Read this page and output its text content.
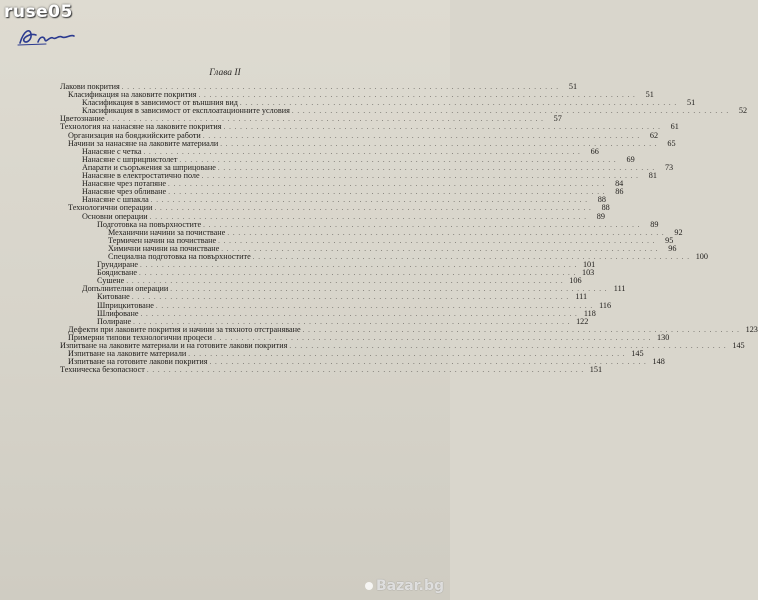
ruse05
Глава II
Лакови покрития . . . . . . . . . . . . . . . . . . . . . . . . . . . . . . . . . . . . . . . . . . . . . . . . . . . . . . . . . . . . . . . . . . . . . . . . . . . . . . . .	51
Класификация на лаковите покрития . . . . . . . . . . . . . . . . . . . . . . . . . . . . . . . . . . . . . . . . . . . . . . . . . . . . . . . . . . . . . . . . . . . . . . . . . . . . . . . .	51
Класификация в зависимост от външния вид . . . . . . . . . . . . . . . . . . . . . . . . . . . . . . . . . . . . . . . . . . . . . . . . . . . . . . . . . . . . . . . . . . . . . . . . . . . . . . . .	51
Класификация в зависимост от експлоатационните условия . . . . . . . . . . . . . . . . . . . . . . . . . . . . . . . . . . . . . . . . . . . . . . . . . . . . . . . . . . . . . . . . . . . . . . . . . . . . . . . .	52
Цветознание . . . . . . . . . . . . . . . . . . . . . . . . . . . . . . . . . . . . . . . . . . . . . . . . . . . . . . . . . . . . . . . . . . . . . . . . . . . . . . . .	57
Технология на нанасяне на лаковите покрития . . . . . . . . . . . . . . . . . . . . . . . . . . . . . . . . . . . . . . . . . . . . . . . . . . . . . . . . . . . . . . . . . . . . . . . . . . . . . . . .	61
Организация на бояджийските работи . . . . . . . . . . . . . . . . . . . . . . . . . . . . . . . . . . . . . . . . . . . . . . . . . . . . . . . . . . . . . . . . . . . . . . . . . . . . . . . .	62
Начини за нанасяне на лаковите материали . . . . . . . . . . . . . . . . . . . . . . . . . . . . . . . . . . . . . . . . . . . . . . . . . . . . . . . . . . . . . . . . . . . . . . . . . . . . . . . .	65
Нанасяне с четка . . . . . . . . . . . . . . . . . . . . . . . . . . . . . . . . . . . . . . . . . . . . . . . . . . . . . . . . . . . . . . . . . . . . . . . . . . . . . . . .	66
Нанасяне с шприцпистолет . . . . . . . . . . . . . . . . . . . . . . . . . . . . . . . . . . . . . . . . . . . . . . . . . . . . . . . . . . . . . . . . . . . . . . . . . . . . . . . .	69
Апарати и съоръжения за шприцоване . . . . . . . . . . . . . . . . . . . . . . . . . . . . . . . . . . . . . . . . . . . . . . . . . . . . . . . . . . . . . . . . . . . . . . . . . . . . . . . .	73
Нанасяне в електростатично поле . . . . . . . . . . . . . . . . . . . . . . . . . . . . . . . . . . . . . . . . . . . . . . . . . . . . . . . . . . . . . . . . . . . . . . . . . . . . . . . .	81
Нанасяне чрез потапяне . . . . . . . . . . . . . . . . . . . . . . . . . . . . . . . . . . . . . . . . . . . . . . . . . . . . . . . . . . . . . . . . . . . . . . . . . . . . . . . .	84
Нанасяне чрез обливане . . . . . . . . . . . . . . . . . . . . . . . . . . . . . . . . . . . . . . . . . . . . . . . . . . . . . . . . . . . . . . . . . . . . . . . . . . . . . . . .	86
Нанасяне с шпакла . . . . . . . . . . . . . . . . . . . . . . . . . . . . . . . . . . . . . . . . . . . . . . . . . . . . . . . . . . . . . . . . . . . . . . . . . . . . . . . .	88
Технологични операции . . . . . . . . . . . . . . . . . . . . . . . . . . . . . . . . . . . . . . . . . . . . . . . . . . . . . . . . . . . . . . . . . . . . . . . . . . . . . . . .	88
Основни операции . . . . . . . . . . . . . . . . . . . . . . . . . . . . . . . . . . . . . . . . . . . . . . . . . . . . . . . . . . . . . . . . . . . . . . . . . . . . . . . .	89
Подготовка на повърхностите . . . . . . . . . . . . . . . . . . . . . . . . . . . . . . . . . . . . . . . . . . . . . . . . . . . . . . . . . . . . . . . . . . . . . . . . . . . . . . . .	89
Механични начини за почистване . . . . . . . . . . . . . . . . . . . . . . . . . . . . . . . . . . . . . . . . . . . . . . . . . . . . . . . . . . . . . . . . . . . . . . . . . . . . . . . .	92
Термичен начин на почистване . . . . . . . . . . . . . . . . . . . . . . . . . . . . . . . . . . . . . . . . . . . . . . . . . . . . . . . . . . . . . . . . . . . . . . . . . . . . . . . .	95
Химични начини на почистване . . . . . . . . . . . . . . . . . . . . . . . . . . . . . . . . . . . . . . . . . . . . . . . . . . . . . . . . . . . . . . . . . . . . . . . . . . . . . . . .	96
Специална подготовка на повърхностите . . . . . . . . . . . . . . . . . . . . . . . . . . . . . . . . . . . . . . . . . . . . . . . . . . . . . . . . . . . . . . . . . . . . . . . . . . . . . . . . 100
Грундиране . . . . . . . . . . . . . . . . . . . . . . . . . . . . . . . . . . . . . . . . . . . . . . . . . . . . . . . . . . . . . . . . . . . . . . . . . . . . . . . . 101
Боядисване . . . . . . . . . . . . . . . . . . . . . . . . . . . . . . . . . . . . . . . . . . . . . . . . . . . . . . . . . . . . . . . . . . . . . . . . . . . . . . . . 103
Сушене . . . . . . . . . . . . . . . . . . . . . . . . . . . . . . . . . . . . . . . . . . . . . . . . . . . . . . . . . . . . . . . . . . . . . . . . . . . . . . . . 106
Допълнителни операции . . . . . . . . . . . . . . . . . . . . . . . . . . . . . . . . . . . . . . . . . . . . . . . . . . . . . . . . . . . . . . . . . . . . . . . . . . . . . . . . 111
Китоване . . . . . . . . . . . . . . . . . . . . . . . . . . . . . . . . . . . . . . . . . . . . . . . . . . . . . . . . . . . . . . . . . . . . . . . . . . . . . . . . 111
Шприцкитоване . . . . . . . . . . . . . . . . . . . . . . . . . . . . . . . . . . . . . . . . . . . . . . . . . . . . . . . . . . . . . . . . . . . . . . . . . . . . . . . . 116
Шлифоване . . . . . . . . . . . . . . . . . . . . . . . . . . . . . . . . . . . . . . . . . . . . . . . . . . . . . . . . . . . . . . . . . . . . . . . . . . . . . . . . 118
Полиране . . . . . . . . . . . . . . . . . . . . . . . . . . . . . . . . . . . . . . . . . . . . . . . . . . . . . . . . . . . . . . . . . . . . . . . . . . . . . . . . 122
Дефекти при лаковите покрития и начини за тяхното отстраняване . . . . . . . . . . . . . . . . . . . . . . . . . . . . . . . . . . . . . . . . . . . . . . . . . . . . . . . . . . . . . . . . . . . . . . . . . . . . . . . . 123
Примерни типови технологични процеси . . . . . . . . . . . . . . . . . . . . . . . . . . . . . . . . . . . . . . . . . . . . . . . . . . . . . . . . . . . . . . . . . . . . . . . . . . . . . . . . 130
Изпитване на лаковите материали и на готовите лакови покрития . . . . . . . . . . . . . . . . . . . . . . . . . . . . . . . . . . . . . . . . . . . . . . . . . . . . . . . . . . . . . . . . . . . . . . . . . . . . . . . . 145
Изпитване на лаковите материали . . . . . . . . . . . . . . . . . . . . . . . . . . . . . . . . . . . . . . . . . . . . . . . . . . . . . . . . . . . . . . . . . . . . . . . . . . . . . . . . 145
Изпитване на готовите лакови покрития . . . . . . . . . . . . . . . . . . . . . . . . . . . . . . . . . . . . . . . . . . . . . . . . . . . . . . . . . . . . . . . . . . . . . . . . . . . . . . . . 148
Техническа безопасност . . . . . . . . . . . . . . . . . . . . . . . . . . . . . . . . . . . . . . . . . . . . . . . . . . . . . . . . . . . . . . . . . . . . . . . . . . . . . . . . 151
Bazar.bg
